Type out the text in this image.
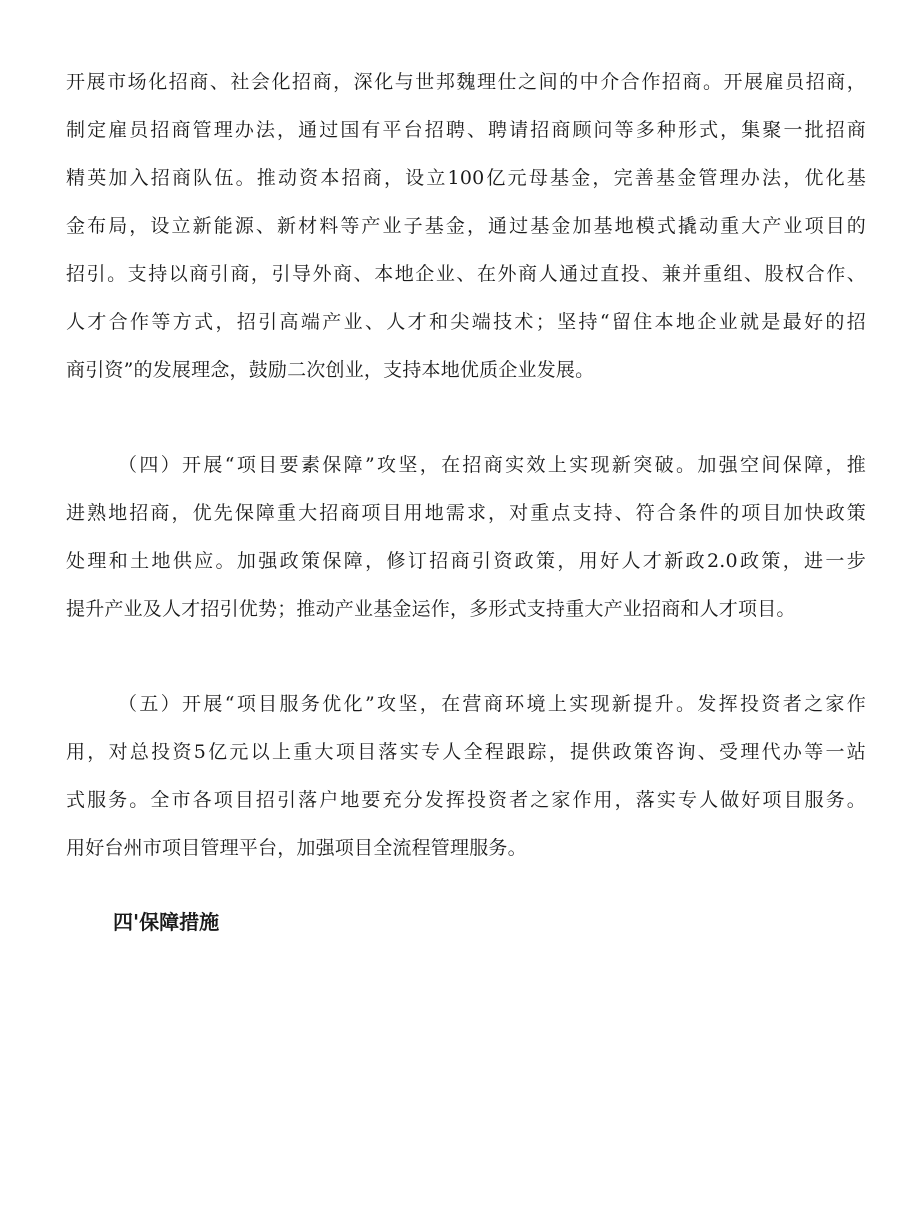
开展市场化招商、社会化招商，深化与世邦魏理仕之间的中介合作招商。开展雇员招商，
制定雇员招商管理办法，通过国有平台招聘、聘请招商顾问等多种形式，集聚一批招商
精英加入招商队伍。推动资本招商，设立100亿元母基金，完善基金管理办法，优化基
金布局，设立新能源、新材料等产业子基金，通过基金加基地模式撬动重大产业项目的
招引。支持以商引商，引导外商、本地企业、在外商人通过直投、兼并重组、股权合作、
人才合作等方式，招引高端产业、人才和尖端技术；坚持“留住本地企业就是最好的招
商引资”的发展理念，鼓励二次创业，支持本地优质企业发展。
（四）开展“项目要素保障”攻坚，在招商实效上实现新突破。加强空间保障，推
进熟地招商，优先保障重大招商项目用地需求，对重点支持、符合条件的项目加快政策
处理和土地供应。加强政策保障，修订招商引资政策，用好人才新政2.0政策，进一步
提升产业及人才招引优势；推动产业基金运作，多形式支持重大产业招商和人才项目。
（五）开展“项目服务优化”攻坚，在营商环境上实现新提升。发挥投资者之家作
用，对总投资5亿元以上重大项目落实专人全程跟踪，提供政策咨询、受理代办等一站
式服务。全市各项目招引落户地要充分发挥投资者之家作用，落实专人做好项目服务。
用好台州市项目管理平台，加强项目全流程管理服务。
四'保障措施
